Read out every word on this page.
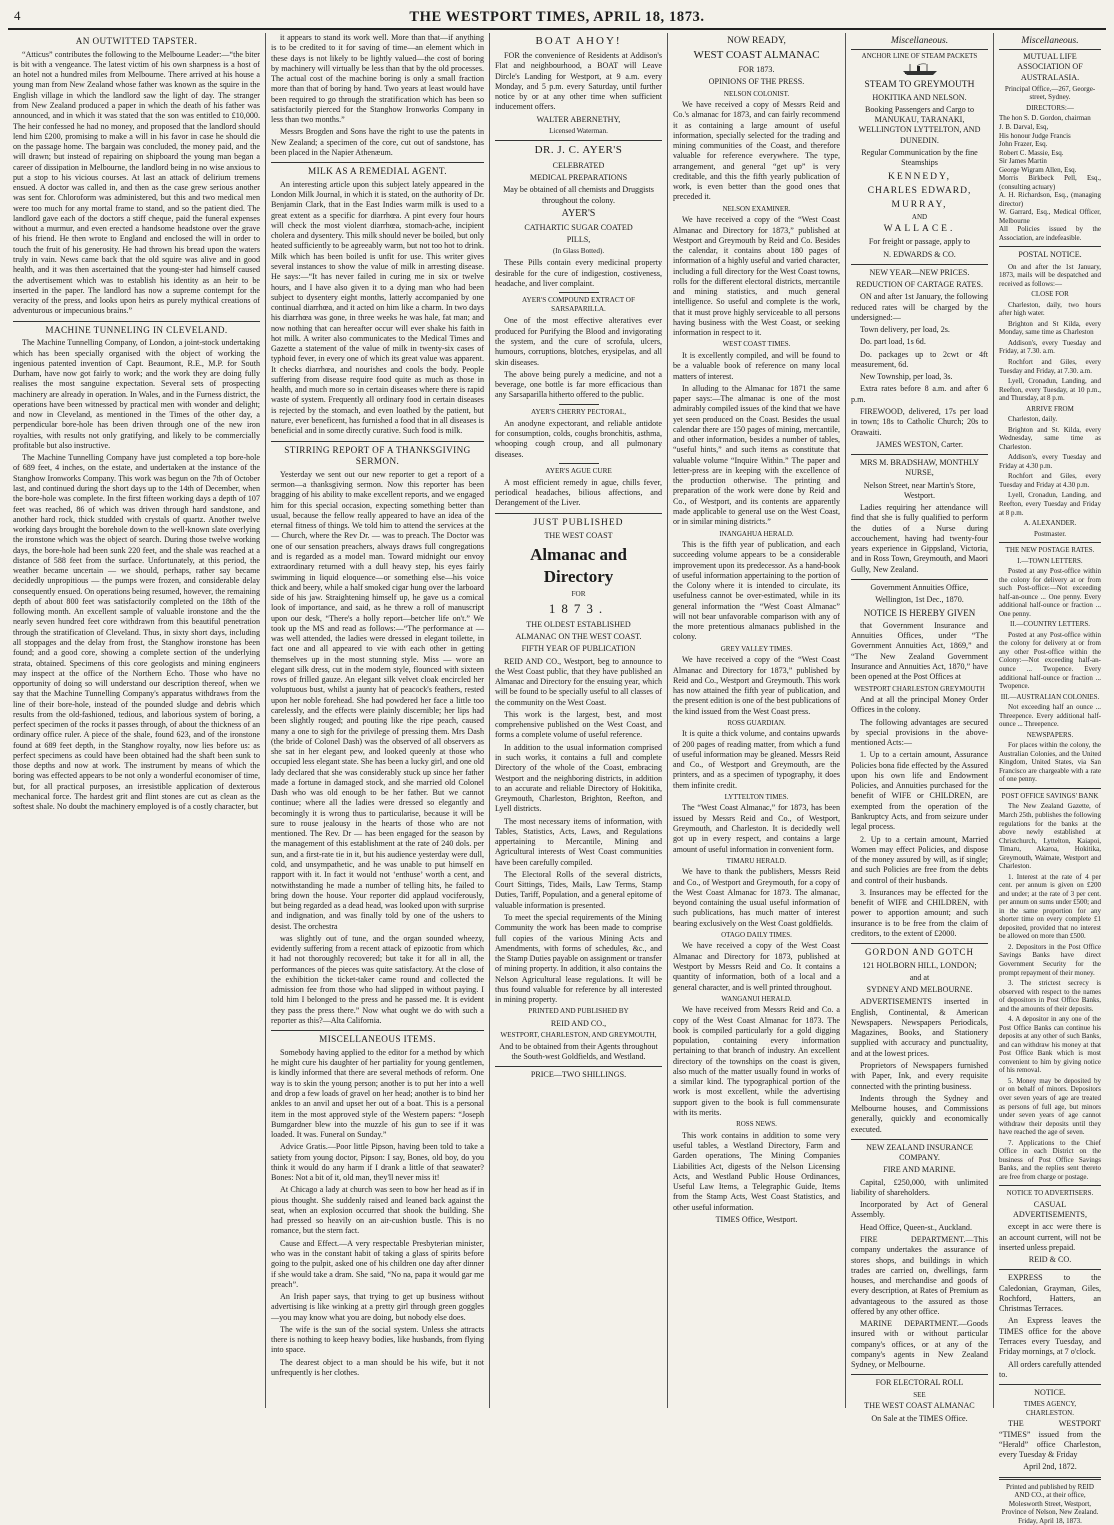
4	THE WESTPORT TIMES, APRIL 18, 1873.
AN OUTWITTED TAPSTER.

“Atticus” contributes the following to the Melbourne Leader:—“the biter is bit with a vengeance. The latest victim of his own sharpness is a host of an hotel not a hundred miles from Melbourne. There arrived at his house a young man from New Zealand whose father was known as the squire in the English village in which the landlord saw the light of day. The stranger from New Zealand produced a paper in which the death of his father was announced, and in which it was stated that the son was entitled to £10,000. The heir confessed he had no money, and proposed that the landlord should lend him £200, promising to make a will in his favor in case he should die on the passage home. The bargain was concluded, the money paid, and the will drawn; but instead of repairing on shipboard the young man began a career of dissipation in Melbourne, the landlord being in no wise anxious to put a stop to his vicious courses. At last an attack of delirium tremens ensued. A doctor was called in, and then as the case grew serious another was sent for. Chloroform was administered, but this and two medical men were too much for any mortal frame to stand, and so the patient died. The landlord gave each of the doctors a stiff cheque, paid the funeral expenses without a murmur, and even erected a handsome headstone over the grave of his friend. He then wrote to England and enclosed the will in order to touch the fruit of his generosity. He had thrown his bread upon the waters truly in vain. News came back that the old squire was alive and in good health, and it was then ascertained that the young-ster had himself caused the advertisement which was to establish his identity as an heir to be inserted in the paper. The landlord has now a supreme contempt for the veracity of the press, and looks upon heirs as purely mythical creations of adventurous or impecunious brains.”

MACHINE TUNNELING IN CLEVELAND.

The Machine Tunnelling Company, of London, a joint-stock undertaking which has been specially organised with the object of working the ingenious patented invention of Capt. Beaumont, R.E., M.P. for South Durham, have now got fairly to work; and the work they are doing fully realises the most sanguine expectation. Several sets of prospecting machinery are already in operation. In Wales, and in the Furness district, the operations have been witnessed by practical men with wonder and delight; and now in Cleveland, as mentioned in the Times of the other day, a perpendicular bore-hole has been driven through one of the new iron royalties, with results not only gratifying, and likely to be commercially profitable but also instructive.

The Machine Tunnelling Company have just completed a top bore-hole of 689 feet, 4 inches, on the estate, and undertaken at the instance of the Stanghow Ironworks Company. This work was begun on the 7th of October last, and continued during the short days up to the 14th of December, when the bore-hole was complete. In the first fifteen working days a depth of 107 feet was reached, 86 of which was driven through hard sandstone, and another hard rock, thick studded with crystals of quartz. Another twelve working days brought the borehole down to the well-known slate overlying the ironstone which was the object of search. During those twelve working days, the bore-hole had been sunk 220 feet, and the shale was reached at a distance of 588 feet from the surface. Unfortunately, at this period, the weather became uncertain — we should, perhaps, rather say became decidedly unpropitious — the pumps were frozen, and considerable delay consequently ensued. On operations being resumed, however, the remaining depth of about 800 feet was satisfactorily completed on the 18th of the following month. An excellent sample of valuable ironstone and the the nearly seven hundred feet core withdrawn from this beautiful penetration through the stratification of Cleveland. Thus, in sixty short days, including all stoppages and the delay from frost, the Stanghow ironstone has been found; and a good core, showing a complete section of the underlying strata, obtained. Specimens of this core geologists and mining engineers may inspect at the office of the Northern Echo. Those who have no opportunity of doing so will understand our description thereof, when we say that the Machine Tunnelling Company's apparatus withdraws from the line of their bore-hole, instead of the pounded sludge and debris which results from the old-fashioned, tedious, and laborious system of boring, a perfect specimen of the rocks it passes through, of about the thickness of an ordinary office ruler. A piece of the shale, found 623, and of the ironstone found at 689 feet depth, in the Stanghow royalty, now lies before us: as perfect specimens as could have been obtained had the shaft been sunk to those depths and now at work. The instrument by means of which the boring was effected appears to be not only a wonderful economiser of time, but, for all practical purposes, an irresistible application of dexterous mechanical force. The hardest grit and flint stones are cut as clean as the softest shale. No doubt the machinery employed is of a costly character, but

it appears to stand its work well. More than that—if anything is to be credited to it for saving of time—an element which in these days is not likely to be lightly valued—the cost of boring by machinery will virtually be less than that by the old processes. The actual cost of the machine boring is only a small fraction more than that of boring by hand. Two years at least would have been required to go through the stratification which has been so satisfactorily pierced for the Stanghow Ironworks Company in less than two months.”

Messrs Brogden and Sons have the right to use the patents in New Zealand; a specimen of the core, cut out of sandstone, has been placed in the Napier Athenæum.

MILK AS A REMEDIAL AGENT.

An interesting article upon this subject lately appeared in the London Milk Journal, in which it is stated, on the authority of Dr. Benjamin Clark, that in the East Indies warm milk is used to a great extent as a specific for diarrhœa. A pint every four hours will check the most violent diarrhœa, stomach-ache, incipient cholera and dysentery. This milk should never be boiled, but only heated sufficiently to be agreeably warm, but not too hot to drink. Milk which has been boiled is unfit for use. This writer gives several instances to show the value of milk in arresting disease. He says:—“It has never failed in curing me in six or twelve hours, and I have also given it to a dying man who had been subject to dysentery eight months, latterly accompanied by one continual diarrhœa, and it acted on him like a charm. In two days his diarrhœa was gone, in three weeks he was hale, fat man; and now nothing that can hereafter occur will ever shake his faith in hot milk. A writer also communicates to the Medical Times and Gazette a statement of the value of milk in twenty-six cases of typhoid fever, in every one of which its great value was apparent. It checks diarrhœa, and nourishes and cools the body. People suffering from disease require food quite as much as those in health, and much more so in certain diseases where there is rapid waste of system. Frequently all ordinary food in certain diseases is rejected by the stomach, and even loathed by the patient, but nature, ever beneficent, has furnished a food that in all diseases is beneficial and in some directly curative. Such food is milk.

STIRRING REPORT OF A THANKSGIVING SERMON.

Yesterday we sent out our new reporter to get a report of a sermon—a thanksgiving sermon. Now this reporter has been bragging of his ability to make excellent reports, and we engaged him for this special occasion, expecting something better than usual, because the fellow really appeared to have an idea of the eternal fitness of things. We told him to attend the services at the — Church, where the Rev Dr. — was to preach. The Doctor was one of our sensation preachers, always draws full congregations and is regarded as a model man. Toward midnight our envoy extraordinary returned with a dull heavy step, his eyes fairly swimming in liquid eloquence—or something else—his voice thick and beery, while a half smoked cigar hung over the larboard side of his jaw. Straightening himself up, he gave us a comical look of importance, and said, as he threw a roll of manuscript upon our desk, “There's a holly report—betcher life on't.” We took up the MS and read as follows:—“The performance at — was well attended, the ladies were dressed in elegant toilette, in fact one and all appeared to vie with each other in getting themselves up in the most stunning style. Miss — wore an elegant silk dress, cut in the modern style, flounced with sixteen rows of frilled gauze. An elegant silk velvet cloak encircled her voluptuous bust, whilst a jaunty hat of peacock's feathers, rested upon her noble forehead. She had powdered her face a little too carelessly, and the effects were plainly discernible; her lips had been slightly rouged; and pouting like the ripe peach, caused many a one to sigh for the privilege of pressing them. Mrs Dash (the bride of Colonel Dash) was the observed of all observers as she sat in her elegant pew, and looked queenly at those who occupied less elegant state. She has been a lucky girl, and one old lady declared that she was considerably stuck up since her father made a fortune in damaged stock, and she married old Colonel Dash who was old enough to be her father. But we cannot continue; where all the ladies were dressed so elegantly and becomingly it is wrong thus to particularise, because it will be sure to rouse jealousy in the hearts of those who are not mentioned. The Rev. Dr — has been engaged for the season by the management of this establishment at the rate of 240 dols. per sun, and a first-rate tie in it, but his audience yesterday were dull, cold, and unsympathetic, and he was unable to put himself en rapport with it. In fact it would not ‘enthuse’ worth a cent, and notwithstanding he made a number of telling hits, he failed to bring down the house. Your reporter did applaud vociferously, but being regarded as a dead head, was looked upon with surprise and indignation, and was finally told by one of the ushers to desist. The orchestra

was slightly out of tune, and the organ sounded wheezy, evidently suffering from a recent attack of epizootic from which it had not thoroughly recovered; but take it for all in all, the performances of the pieces was quite satisfactory. At the close of the exhibition the ticket-taker came round and collected the admission fee from those who had slipped in without paying. I told him I belonged to the press and he passed me. It is evident they pass the press there.” Now what ought we do with such a reporter as this?—Alta California.

MISCELLANEOUS ITEMS.

Somebody having applied to the editor for a method by which he might cure his daughter of her partiality for young gentlemen, is kindly informed that there are several methods of reform. One way is to skin the young person; another is to put her into a well and drop a few loads of gravel on her head; another is to bind her ankles to an anvil and upset her out of a boat. This is a personal item in the most approved style of the Western papers: “Joseph Bumgardner blew into the muzzle of his gun to see if it was loaded. It was. Funeral on Sunday.”

Advice Gratis.—Poor little Pipson, having been told to take a satiety from young doctor, Pipson: I say, Bones, old boy, do you think it would do any harm if I drank a little of that seawater? Bones: Not a bit of it, old man, they'll never miss it!

At Chicago a lady at church was seen to bow her head as if in pious thought. She suddenly raised and leaned back against the seat, when an explosion occurred that shook the building. She had pressed so heavily on an air-cushion bustle. This is no romance, but the stern fact.

Cause and Effect.—A very respectable Presbyterian minister, who was in the constant habit of taking a glass of spirits before going to the pulpit, asked one of his children one day after dinner if she would take a dram. She said, “No na, papa it would gar me preach”.

An Irish paper says, that trying to get up business without advertising is like winking at a pretty girl through green goggles—you may know what you are doing, but nobody else does.

The wife is the sun of the social system. Unless she attracts there is nothing to keep heavy bodies, like husbands, from flying into space.

The dearest object to a man should be his wife, but it not unfrequently is her clothes.

BOAT AHOY!

FOR the convenience of Residents at Addison's Flat and neighbourhood, a BOAT will Leave Dircle's Landing for Westport, at 9 a.m. every Monday, and 5 p.m. every Saturday, until further notice by or at any other time when sufficient inducement offers.

WALTER ABERNETHY,
Licensed Waterman.
DR. J. C. AYER'S
CELEBRATED
MEDICAL PREPARATIONS
May be obtained of all chemists and Druggists throughout the colony.
AYER'S
CATHARTIC SUGAR COATED
PILLS,
(In Glass Botted).

These Pills contain every medicinal property desirable for the cure of indigestion, costiveness, headache, and liver complaint.

AYER'S COMPOUND EXTRACT OF SARSAPARILLA.

One of the most effective alteratives ever produced for Purifying the Blood and invigorating the system, and the cure of scrofula, ulcers, humours, corruptions, blotches, erysipelas, and all skin diseases.

The above being purely a medicine, and not a beverage, one bottle is far more efficacious than any Sarsaparilla hitherto offered to the public.

AYER'S CHERRY PECTORAL,

An anodyne expectorant, and reliable antidote for consumption, colds, coughs bronchitis, asthma, whooping cough croup, and all pulmonary diseases.

AYER'S AGUE CURE

A most efficient remedy in ague, chills fever, periodical headaches, bilious affections, and Derangement of the Liver.

JUST PUBLISHED
THE WEST COAST
Almanac and Directory
FOR
1873.
THE OLDEST ESTABLISHED
ALMANAC ON THE WEST COAST.
FIFTH YEAR OF PUBLICATION

REID AND CO., Westport, beg to announce to the West Coast public, that they have published an Almanac and Directory for the ensuing year, which will be found to be specially useful to all classes of the community on the West Coast.

This work is the largest, best, and most comprehensive published on the West Coast, and forms a complete volume of useful reference.

In addition to the usual information comprised in such works, it contains a full and complete Directory of the whole of the Coast, embracing Westport and the neighboring districts, in addition to an accurate and reliable Directory of Hokitika, Greymouth, Charleston, Brighton, Reefton, and Lyell districts.

The most necessary items of information, with Tables, Statistics, Acts, Laws, and Regulations appertaining to Mercantile, Mining and Agricultural interests of West Coast communities have been carefully compiled.

The Electoral Rolls of the several districts, Court Sittings, Tides, Mails, Law Terms, Stamp Duties, Tariff, Population, and a general epitome of valuable information is presented.

To meet the special requirements of the Mining Community the work has been made to comprise full copies of the various Mining Acts and Amendments, with forms of schedules, &c., and the Stamp Duties payable on assignment or transfer of mining property. In addition, it also contains the Nelson Agricultural lease regulations. It will be thus found valuable for reference by all interested in mining property.

PRINTED AND PUBLISHED BY
REID AND CO.,
WESTPORT, CHARLESTON, AND GREYMOUTH,
And to be obtained from their Agents throughout the South-west Goldfields, and Westland.
PRICE—TWO SHILLINGS.
NOW READY,
WEST COAST ALMANAC
FOR 1873.
OPINIONS OF THE PRESS.
NELSON COLONIST.

We have received a copy of Messrs Reid and Co.'s almanac for 1873, and can fairly recommend it as containing a large amount of useful information, specially selected for the trading and mining communities of the Coast, and therefore valuable for reference everywhere. The type, arrangement, and general “get up” is very creditable, and this the fifth yearly publication of work, is even better than the good ones that preceded it.

NELSON EXAMINER.

We have received a copy of the “West Coast Almanac and Directory for 1873,” published at Westport and Greymouth by Reid and Co. Besides the calendar, it contains about 180 pages of information of a highly useful and varied character, including a full directory for the West Coast towns, rolls for the different electoral districts, mercantile and mining statistics, and much general intelligence. So useful and complete is the work, that it must prove highly serviceable to all persons having business with the West Coast, or seeking information in respect to it.

WEST COAST TIMES.

It is excellently compiled, and will be found to be a valuable book of reference on many local matters of interest.

In alluding to the Almanac for 1871 the same paper says:—The almanac is one of the most admirably compiled issues of the kind that we have yet seen produced on the Coast. Besides the usual calendar there are 150 pages of mining, mercantile, and other information, besides a number of tables, “useful hints,” and such items as constitute that valuable volume “Inquire Within.” The paper and letter-press are in keeping with the excellence of the production otherwise. The printing and preparation of the work were done by Reid and Co., of Westport, and its contents are apparently made applicable to general use on the West Coast, or in similar mining districts.”

INANGAHUA HERALD.

This is the fifth year of publication, and each succeeding volume appears to be a considerable improvement upon its predecessor. As a hand-book of useful information appertaining to the portion of the Colony where it is intended to circulate, its usefulness cannot be over-estimated, while in its general information the “West Coast Almanac” will not bear unfavorable comparison with any of the more pretentious almanacs published in the colony.

GREY VALLEY TIMES.

We have received a copy of the “West Coast Almanac and Directory for 1873,” published by Reid and Co., Westport and Greymouth. This work has now attained the fifth year of publication, and the present edition is one of the best publications of the kind issued from the West Coast press.

ROSS GUARDIAN.

It is quite a thick volume, and contains upwards of 200 pages of reading matter, from which a fund of useful information may be gleaned. Messrs Reid and Co., of Westport and Greymouth, are the printers, and as a specimen of typography, it does them infinite credit.

LYTTELTON TIMES.

The “West Coast Almanac,” for 1873, has been issued by Messrs Reid and Co., of Westport, Greymouth, and Charleston. It is decidedly well got up in every respect, and contains a large amount of useful information in convenient form.

TIMARU HERALD.

We have to thank the publishers, Messrs Reid and Co., of Westport and Greymouth, for a copy of the West Coast Almanac for 1873. The almanac, beyond containing the usual useful information of such publications, has much matter of interest bearing exclusively on the West Coast goldfields.

OTAGO DAILY TIMES.

We have received a copy of the West Coast Almanac and Directory for 1873, published at Westport by Messrs Reid and Co. It contains a quantity of information, both of a local and a general character, and is well printed throughout.

WANGANUI HERALD.

We have received from Messrs Reid and Co. a copy of the West Coast Almanac for 1873. The book is compiled particularly for a gold digging population, containing every information pertaining to that branch of industry. An excellent directory of the townships on the coast is given, also much of the matter usually found in works of a similar kind. The typographical portion of the work is most excellent, while the advertising support given to the book is full commensurate with its merits.

ROSS NEWS.

This work contains in addition to some very useful tables, a Westland Directory, Farm and Garden operations, The Mining Companies Liabilities Act, digests of the Nelson Licensing Acts, and Westland Public House Ordinances, Useful Law Items, a Telegraphic Guide, Items from the Stamp Acts, West Coast Statistics, and other useful information.

TIMES Office, Westport.
Miscellaneous.
ANCHOR LINE OF STEAM PACKETS
STEAM TO GREYMOUTH
HOKITIKA AND NELSON.
Booking Passengers and Cargo to MANUKAU, TARANAKI, WELLINGTON LYTTELTON, AND DUNEDIN.
Regular Communication by the fine Steamships
KENNEDY,
CHARLES EDWARD,
MURRAY,
AND
WALLACE.
For freight or passage, apply to
N. EDWARDS & CO.
NEW YEAR—NEW PRICES.
REDUCTION OF CARTAGE RATES.

ON and after 1st January, the following reduced rates will be charged by the undersigned:—

Town delivery, per load, 2s.

Do. part load, 1s 6d.

Do. packages up to 2cwt or 4ft measurement, 6d.

New Township, per load, 3s.

Extra rates before 8 a.m. and after 6 p.m.

FIREWOOD, delivered, 17s per load in town; 18s to Catholic Church; 20s to Orawaiti.

JAMES WESTON, Carter.
MRS M. BRADSHAW, MONTHLY NURSE,
Nelson Street, near Martin's Store, Westport.

Ladies requiring her attendance will find that she is fully qualified to perform the duties of a Nurse during accouchement, having had twenty-four years experience in Gippsland, Victoria, and in Ross Town, Greymouth, and Maori Gully, New Zealand.

Government Annuities Office,
Wellington, 1st Dec., 1870.
NOTICE IS HEREBY GIVEN

that Government Insurance and Annuities Offices, under “The Government Annuities Act, 1869,” and “The New Zealand Government Insurance and Annuities Act, 1870,” have been opened at the Post Offices at

WESTPORT CHARLESTON GREYMOUTH

And at all the principal Money Order Offices in the colony.

The following advantages are secured by special provisions in the above-mentioned Acts:—

1. Up to a certain amount, Assurance Policies bona fide effected by the Assured upon his own life and Endowment Policies, and Annuities purchased for the benefit of WIFE or CHILDREN, are exempted from the operation of the Bankruptcy Acts, and from seizure under legal process.

2. Up to a certain amount, Married Women may effect Policies, and dispose of the money assured by will, as if single; and such Policies are free from the debts and control of their husbands.

3. Insurances may be effected for the benefit of WIFE and CHILDREN, with power to apportion amount; and such insurance is to be free from the claim of creditors, to the extent of £2000.

GORDON AND GOTCH
121 HOLBORN HILL, LONDON;
and at
SYDNEY AND MELBOURNE.

ADVERTISEMENTS inserted in English, Continental, & American Newspapers. Newspapers Periodicals, Magazines, Books, and Stationery supplied with accuracy and punctuality, and at the lowest prices.

Proprietors of Newspapers furnished with Paper, Ink, and every requisite connected with the printing business.

Indents through the Sydney and Melbourne houses, and Commissions generally, quickly and economically executed.

NEW ZEALAND INSURANCE COMPANY.
FIRE AND MARINE.

Capital, £250,000, with unlimited liability of shareholders.

Incorporated by Act of General Assembly.

Head Office, Queen-st., Auckland.

FIRE DEPARTMENT.—This company undertakes the assurance of stores shops, and buildings in which trades are carried on, dwellings, farm houses, and merchandise and goods of every description, at Rates of Premium as advantageous to the assured as those offered by any other office.

MARINE DEPARTMENT.—Goods insured with or without particular company's offices, or at any of the company's agents in New Zealand Sydney, or Melbourne.

FOR ELECTORAL ROLL
SEE
THE WEST COAST ALMANAC
On Sale at the TIMES Office.
Miscellaneous.
MUTUAL LIFE ASSOCIATION OF AUSTRALASIA.
Principal Office,—267, George-street, Sydney.
DIRECTORS:—
The hon S. D. Gordon, chairman
J. B. Darval, Esq,
His honour Judge Francis
John Frazer, Esq.
Robert C. Massie, Esq.
Sir James Martin
George Wigram Allen, Esq.
Morris Birkbeck Pell, Esq., (consulting actuary)
A. H. Richardson, Esq., (managing director)
W. Garrard, Esq., Medical Officer, Melbourne
All Policies issued by the Association, are indefeasible.
POSTAL NOTICE.

On and after the 1st January, 1873, mails will be despatched and received as follows:—

CLOSE FOR

Charleston, daily, two hours after high water.

Brighton and St Kilda, every Monday, same time as Charleston

Addison's, every Tuesday and Friday, at 7.30. a.m.

Rochfort and Giles, every Tuesday and Friday, at 7.30. a.m.

Lyell, Cronadun, Landing, and Reefton, every Tuesday, at 10 p.m., and Thursday, at 8 p.m.

ARRIVE FROM

Charleston, daily.

Brighton and St. Kilda, every Wednesday, same time as Charleston.

Addison's, every Tuesday and Friday at 4.30 p.m.

Rochfort and Giles, every Tuesday and Friday at 4.30 p.m.

Lyell, Cronadun, Landing, and Reefton, every Tuesday and Friday at 8 p.m.

A. ALEXANDER.
Postmaster.
THE NEW POSTAGE RATES.
I.—TOWN LETTERS.

Posted at any Post-office within the colony for delivery at or from such Post-office:—Not exceeding half-an-ounce ... One penny. Every additional half-ounce or fraction ... One penny.

II.—COUNTRY LETTERS.

Posted at any Post-office within the colony for delivery at or from any other Post-office within the Colony:—Not exceeding half-an-ounce ... Twopence. Every additional half-ounce or fraction ... Twopence.

III.—AUSTRALIAN COLONIES.

Not exceeding half an ounce ... Threepence. Every additional half-ounce ... Threepence.

NEWSPAPERS.

For places within the colony, the Australian Colonies, and the United Kingdom, United States, via San Francisco are chargeable with a rate of one penny.

POST OFFICE SAVINGS' BANK

The New Zealand Gazette, of March 25th, publishes the following regulations for the banks at the above newly established at Christchurch, Lyttelton, Kaiapoi, Timaru, Akaroa, Hokitika, Greymouth, Waimate, Westport and Charleston.

1. Interest at the rate of 4 per cent. per annum is given on £200 and under; at the rate of 3 per cent. per annum on sums under £500; and in the same proportion for any shorter time on every complete £1 deposited, provided that no interest be allowed on more than £500.

2. Depositors in the Post Office Savings Banks have direct Government Security for the prompt repayment of their money.

3. The strictest secrecy is observed with respect to the names of depositors in Post Office Banks, and the amounts of their deposits.

4. A depositor in any one of the Post Office Banks can continue his deposits at any other of such Banks, and can withdraw his money at that Post Office Bank which is most convenient to him by giving notice of his removal.

5. Money may be deposited by or on behalf of minors. Depositors over seven years of age are treated as persons of full age, but minors under seven years of age cannot withdraw their deposits until they have reached the age of seven.

7. Applications to the Chief Office in each District on the business of Post Office Savings Banks, and the replies sent thereto are free from charge or postage.

NOTICE TO ADVERTISERS.
CASUAL ADVERTISEMENTS,

except in acc were there is an account current, will not be inserted unless prepaid.

REID & CO.

EXPRESS to the Caledonian, Grayman, Giles, Rochford, Hatters, an Christmas Terraces.

An Express leaves the TIMES office for the above Terraces every Tuesday, and Friday mornings, at 7 o'clock.

All orders carefully attended to.

NOTICE.
TIMES AGENCY, CHARLESTON.

THE WESTPORT “TIMES” issued from the “Herald” office Charleston, every Tuesday & Friday

April 2nd, 1872.

Printed and published by REID AND CO., at their office, Molesworth Street, Westport, Province of Nelson, New Zealand. Friday, April 18, 1873.
